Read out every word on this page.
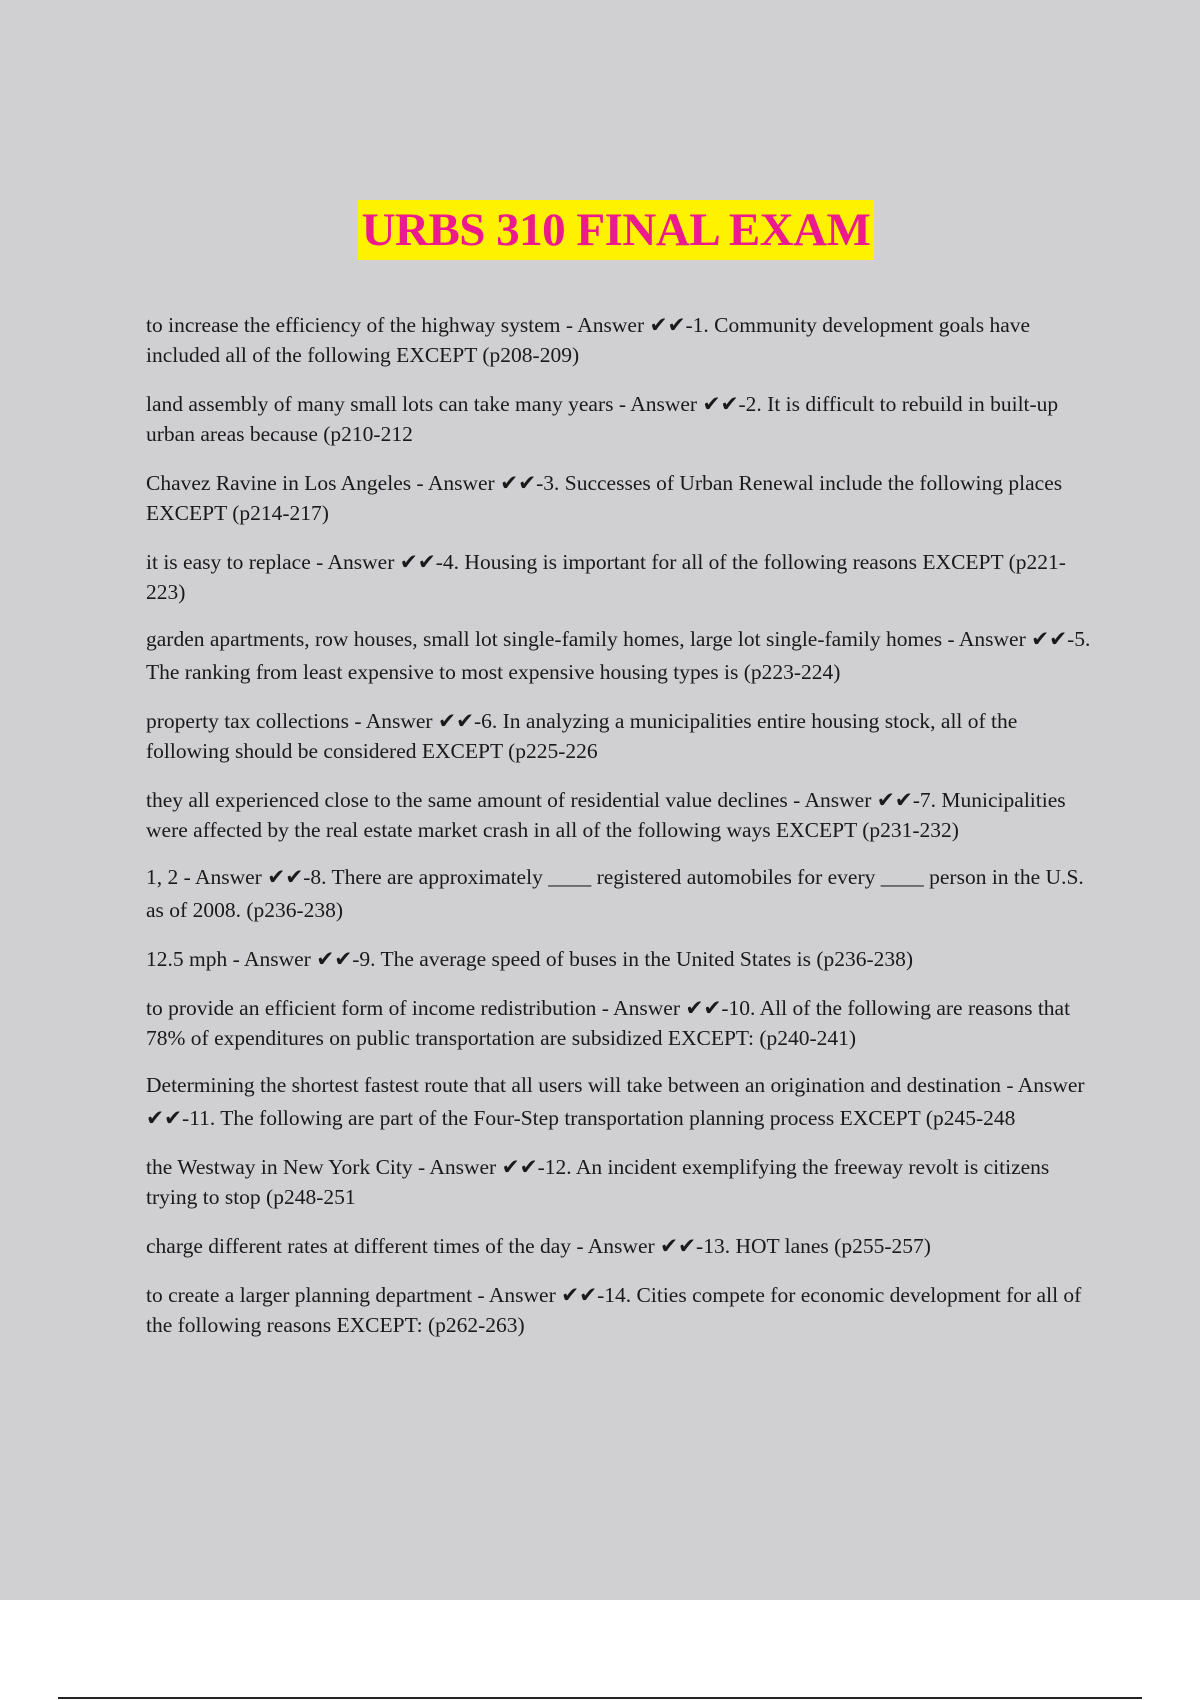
URBS 310 FINAL EXAM
to increase the efficiency of the highway system - Answer ✔✔-1. Community development goals have included all of the following EXCEPT (p208-209)
land assembly of many small lots can take many years - Answer ✔✔-2. It is difficult to rebuild in built-up urban areas because (p210-212
Chavez Ravine in Los Angeles - Answer ✔✔-3. Successes of Urban Renewal include the following places EXCEPT (p214-217)
it is easy to replace - Answer ✔✔-4. Housing is important for all of the following reasons EXCEPT (p221-223)
garden apartments, row houses, small lot single-family homes, large lot single-family homes - Answer ✔✔-5. The ranking from least expensive to most expensive housing types is (p223-224)
property tax collections - Answer ✔✔-6. In analyzing a municipalities entire housing stock, all of the following should be considered EXCEPT (p225-226
they all experienced close to the same amount of residential value declines - Answer ✔✔-7. Municipalities were affected by the real estate market crash in all of the following ways EXCEPT (p231-232)
1, 2 - Answer ✔✔-8. There are approximately ____ registered automobiles for every ____ person in the U.S. as of 2008. (p236-238)
12.5 mph - Answer ✔✔-9. The average speed of buses in the United States is (p236-238)
to provide an efficient form of income redistribution - Answer ✔✔-10. All of the following are reasons that 78% of expenditures on public transportation are subsidized EXCEPT: (p240-241)
Determining the shortest fastest route that all users will take between an origination and destination - Answer ✔✔-11. The following are part of the Four-Step transportation planning process EXCEPT (p245-248
the Westway in New York City - Answer ✔✔-12. An incident exemplifying the freeway revolt is citizens trying to stop (p248-251
charge different rates at different times of the day - Answer ✔✔-13. HOT lanes (p255-257)
to create a larger planning department - Answer ✔✔-14. Cities compete for economic development for all of the following reasons EXCEPT: (p262-263)
